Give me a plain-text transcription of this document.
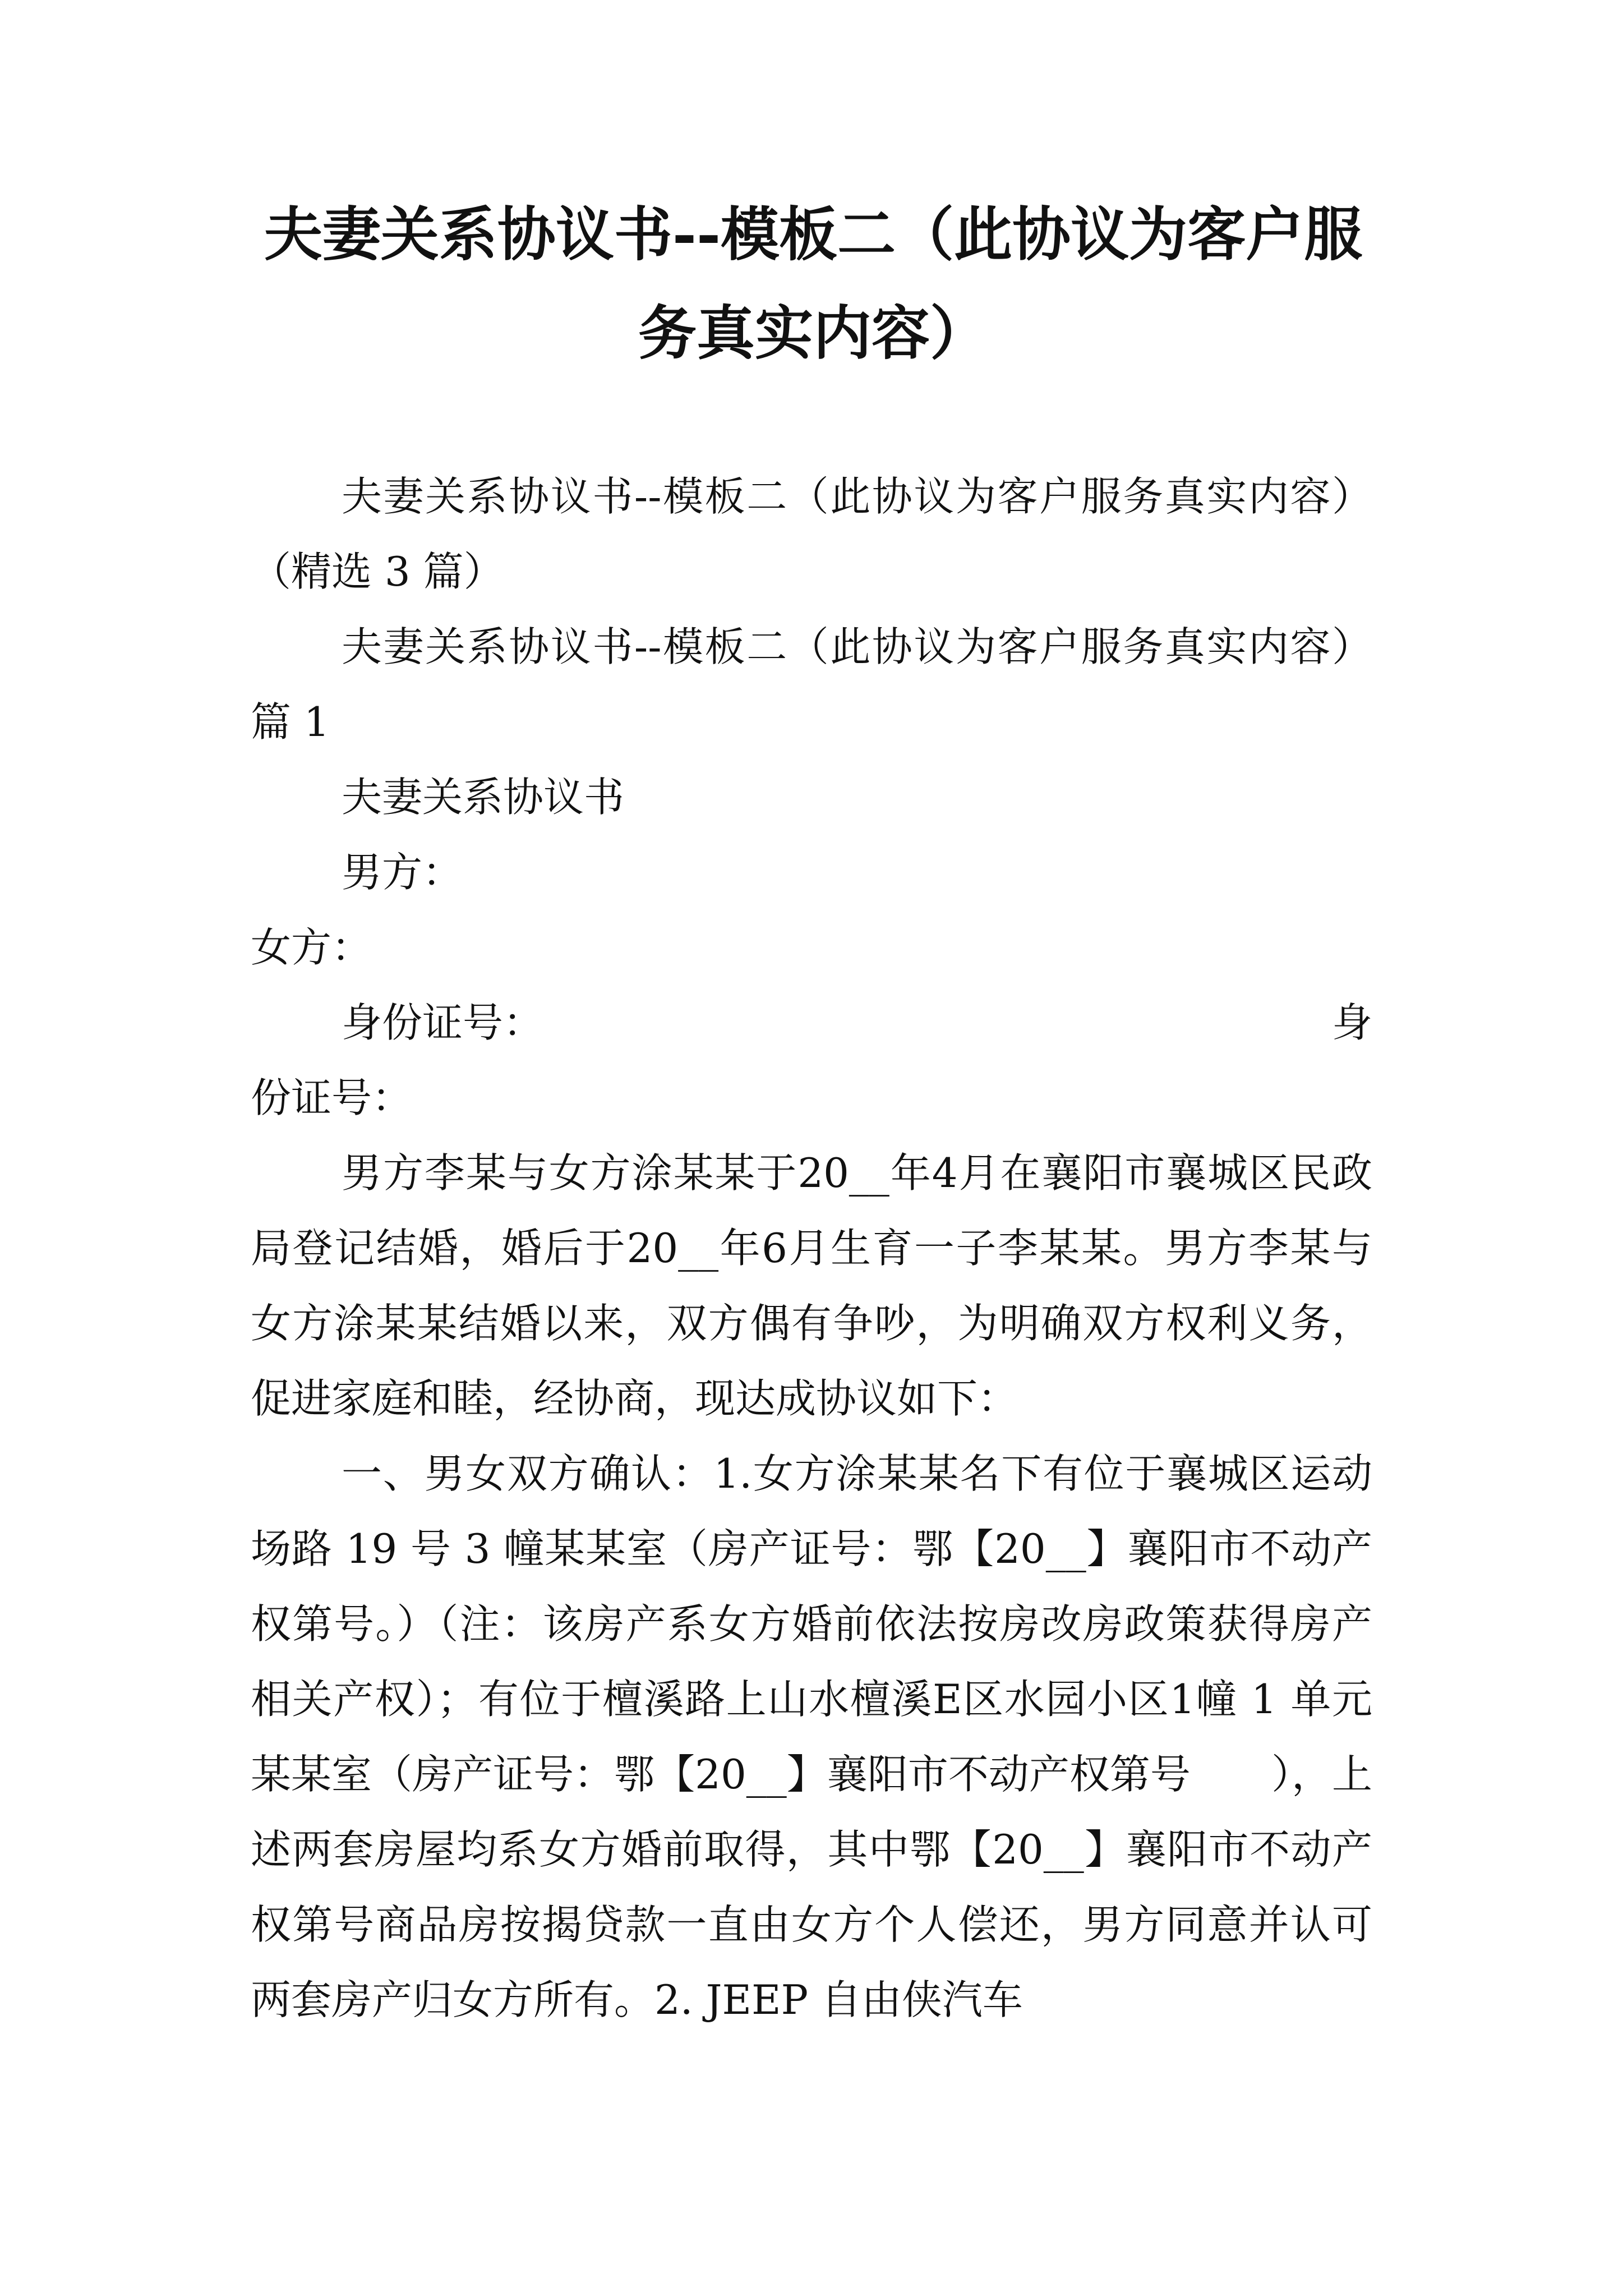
夫妻关系协议书--模板二（此协议为客户服务真实内容）

夫妻关系协议书--模板二（此协议为客户服务真实内容）（精选 3 篇）

夫妻关系协议书--模板二（此协议为客户服务真实内容）篇 1

夫妻关系协议书

男方：

女方：

身份证号：	身

份证号：

男方李某与女方涂某某于20__年4月在襄阳市襄城区民政局登记结婚，婚后于20__年6月生育一子李某某。男方李某与女方涂某某结婚以来，双方偶有争吵，为明确双方权利义务，促进家庭和睦，经协商，现达成协议如下：

一、男女双方确认：1.女方涂某某名下有位于襄城区运动场路 19 号 3 幢某某室（房产证号：鄂【20__】襄阳市不动产权第号。）（注：该房产系女方婚前依法按房改房政策获得房产相关产权）；有位于檀溪路上山水檀溪E区水园小区1幢 1 单元某某室（房产证号：鄂【20__】襄阳市不动产权第号　　），上述两套房屋均系女方婚前取得，其中鄂【20__】襄阳市不动产权第号商品房按揭贷款一直由女方个人偿还，男方同意并认可两套房产归女方所有。2. JEEP 自由侠汽车
